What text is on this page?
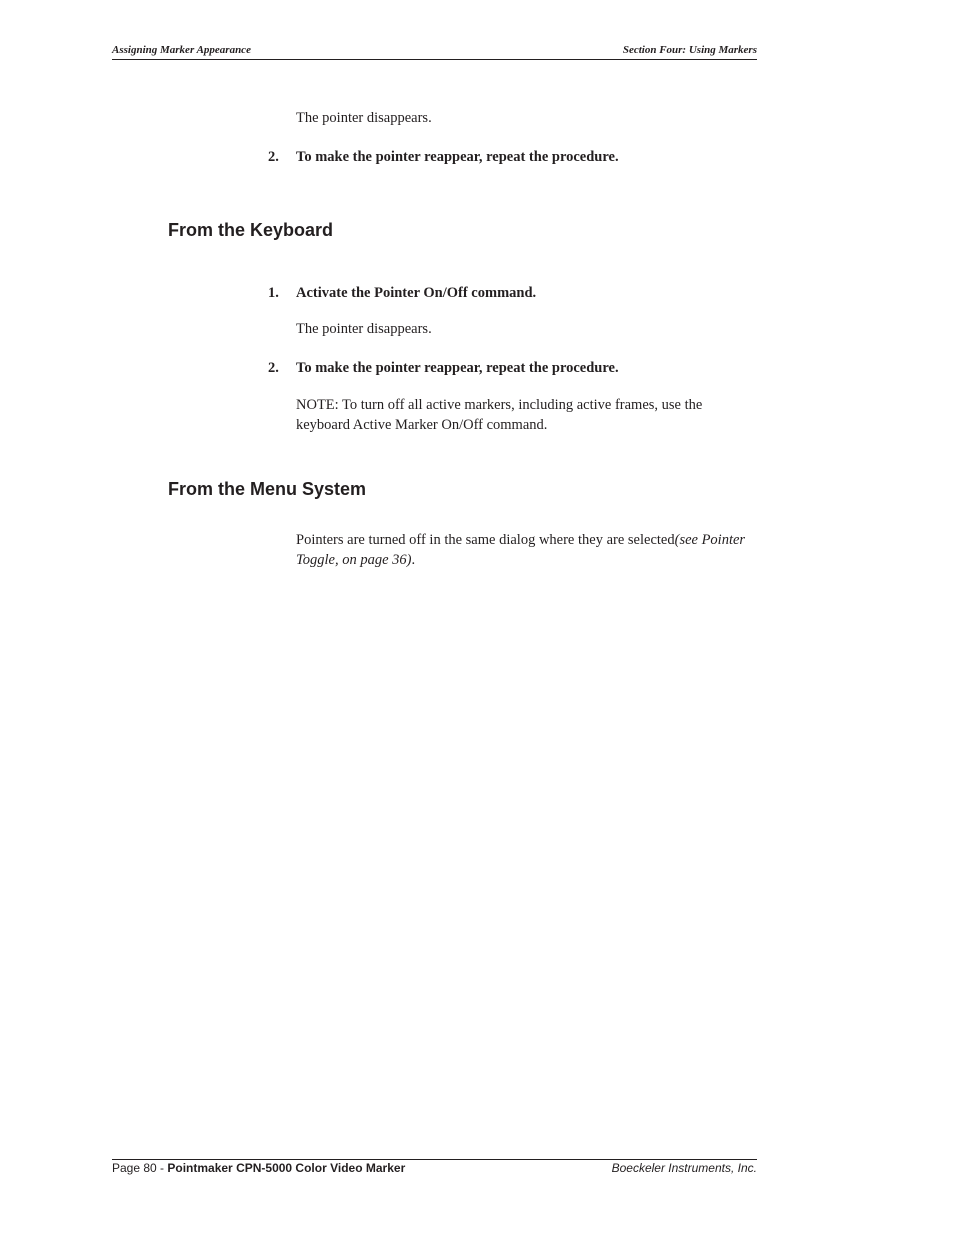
Assigning Marker Appearance	Section Four: Using Markers
The pointer disappears.
2. To make the pointer reappear, repeat the procedure.
From the Keyboard
1. Activate the Pointer On/Off command.
The pointer disappears.
2. To make the pointer reappear, repeat the procedure.
NOTE: To turn off all active markers, including active frames, use the
keyboard Active Marker On/Off command.
From the Menu System
Pointers are turned off in the same dialog where they are selected(see Pointer
Toggle, on page 36).
Page 80 - Pointmaker CPN-5000 Color Video Marker	Boeckeler Instruments, Inc.
